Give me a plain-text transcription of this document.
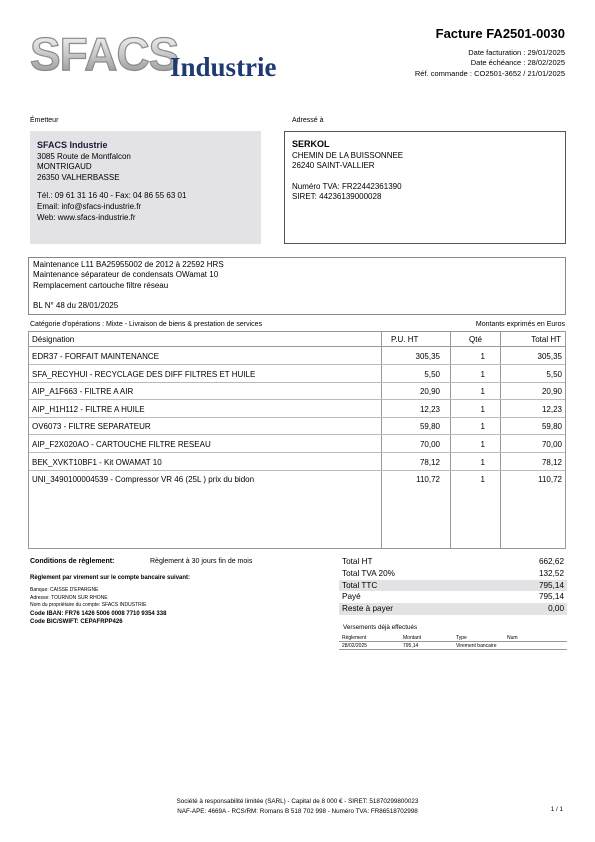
SFACS
Industrie
Facture FA2501-0030
Date facturation : 29/01/2025
Date échéance : 28/02/2025
Réf. commande : CO2501-3652 / 21/01/2025
Émetteur
SFACS Industrie
3085 Route de Montfalcon
MONTRIGAUD
26350 VALHERBASSE
Tél.: 09 61 31 16 40 - Fax: 04 86 55 63 01
Email: info@sfacs-industrie.fr
Web: www.sfacs-industrie.fr
Adressé à
SERKOL
CHEMIN DE LA BUISSONNEE
26240 SAINT-VALLIER
Numéro TVA: FR22442361390
SIRET: 44236139000028
Maintenance L11 BA25955002 de 2012 à 22592 HRS
Maintenance séparateur de condensats OWamat 10
Remplacement cartouche filtre réseau
BL N° 48 du 28/01/2025
Catégorie d'opérations : Mixte - Livraison de biens & prestation de services	Montants exprimés en Euros
Désignation	P.U. HT	Qté	Total HT
EDR37 - FORFAIT MAINTENANCE	305,35	1	305,35
SFA_RECYHUI - RECYCLAGE DES DIFF FILTRES ET HUILE	5,50	1	5,50
AIP_A1F663 - FILTRE A AIR	20,90	1	20,90
AIP_H1H112 - FILTRE A HUILE	12,23	1	12,23
OV6073 - FILTRE SEPARATEUR	59,80	1	59,80
AIP_F2X020AO - CARTOUCHE FILTRE RESEAU	70,00	1	70,00
BEK_XVKT10BF1 - Kit OWAMAT 10	78,12	1	78,12
UNI_3490100004539 - Compressor VR 46 (25L ) prix du bidon	110,72	1	110,72
Conditions de règlement:	Règlement à 30 jours fin de mois
Règlement par virement sur le compte bancaire suivant:
Banque: CAISSE D'EPARGNE
Adresse: TOURNON SUR RHONE
Nom du propriétaire du compte: SFACS INDUSTRIE
Code IBAN: FR76 1426 5006 0008 7710 9354 338
Code BIC/SWIFT: CEPAFRPP426
Total HT	662,62
Total TVA 20%	132,52
Total TTC	795,14
Payé	795,14
Reste à payer	0,00
Versements déjà effectués
Règlement	Montant	Type	Num
28/02/2025	795,14	Virement bancaire
Société à responsabilité limitée (SARL) - Capital de 8 000 € - SIRET: 51870299800023
NAF-APE: 4669A - RCS/RM: Romans B 518 702 998 - Numéro TVA: FR86518702998	1 / 1
